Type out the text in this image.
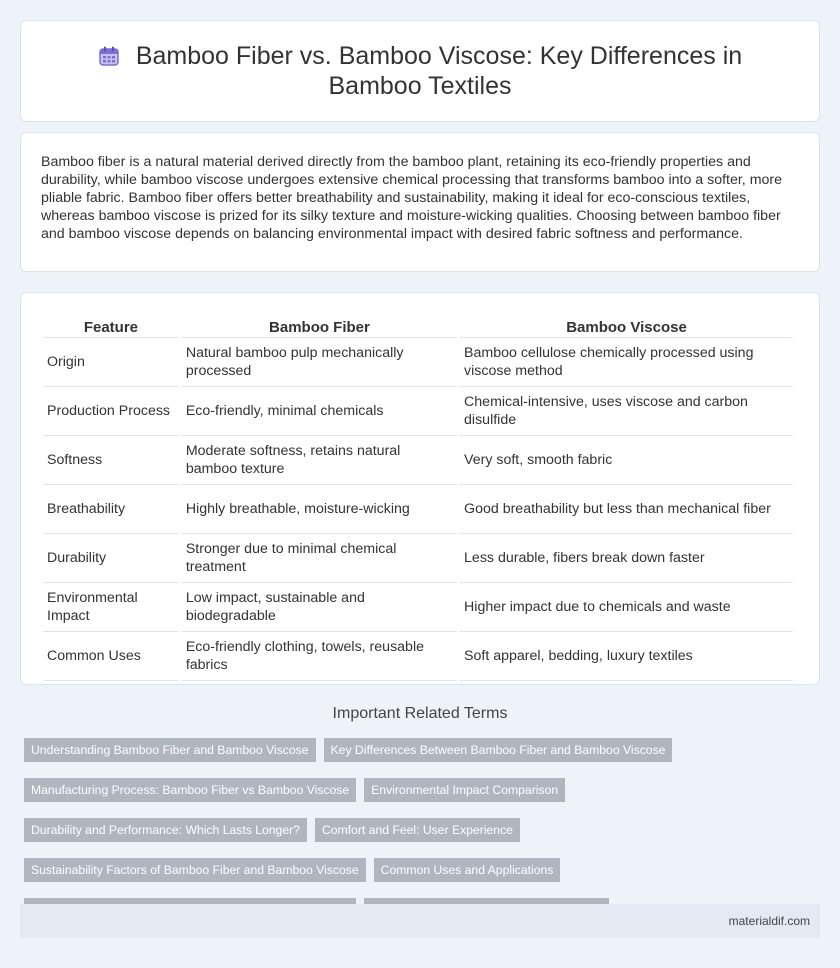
Bamboo Fiber vs. Bamboo Viscose: Key Differences in Bamboo Textiles

Bamboo fiber is a natural material derived directly from the bamboo plant, retaining its eco-friendly properties and durability, while bamboo viscose undergoes extensive chemical processing that transforms bamboo into a softer, more pliable fabric. Bamboo fiber offers better breathability and sustainability, making it ideal for eco-conscious textiles, whereas bamboo viscose is prized for its silky texture and moisture-wicking qualities. Choosing between bamboo fiber and bamboo viscose depends on balancing environmental impact with desired fabric softness and performance.

Feature	Bamboo Fiber	Bamboo Viscose
Origin	Natural bamboo pulp mechanically processed	Bamboo cellulose chemically processed using viscose method
Production Process	Eco-friendly, minimal chemicals	Chemical-intensive, uses viscose and carbon disulfide
Softness	Moderate softness, retains natural bamboo texture	Very soft, smooth fabric
Breathability	Highly breathable, moisture-wicking	Good breathability but less than mechanical fiber
Durability	Stronger due to minimal chemical treatment	Less durable, fibers break down faster
Environmental Impact	Low impact, sustainable and biodegradable	Higher impact due to chemicals and waste
Common Uses	Eco-friendly clothing, towels, reusable fabrics	Soft apparel, bedding, luxury textiles
Important Related Terms
Understanding Bamboo Fiber and Bamboo Viscose	Key Differences Between Bamboo Fiber and Bamboo Viscose
Manufacturing Process: Bamboo Fiber vs Bamboo Viscose	Environmental Impact Comparison
Durability and Performance: Which Lasts Longer?	Comfort and Feel: User Experience
Sustainability Factors of Bamboo Fiber and Bamboo Viscose	Common Uses and Applications
materialdif.com
